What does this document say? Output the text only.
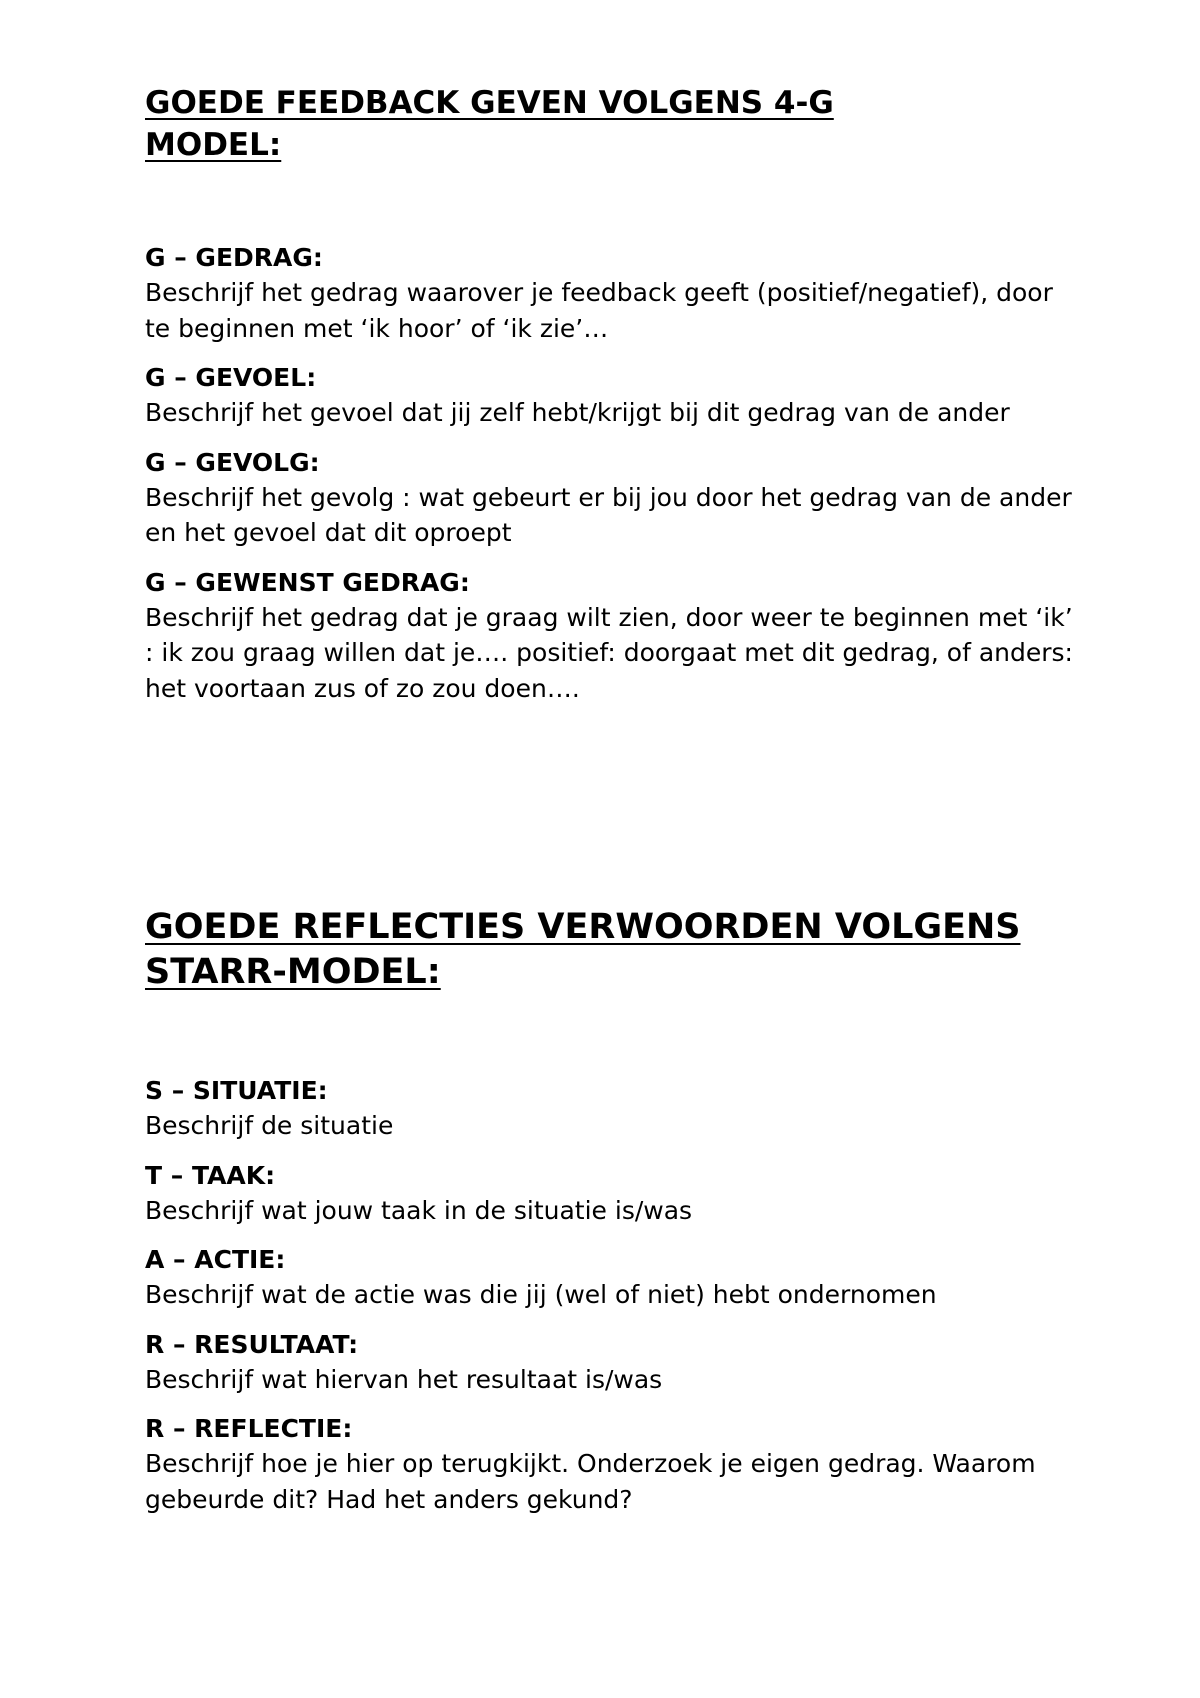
GOEDE FEEDBACK GEVEN VOLGENS 4-G
MODEL:
G – GEDRAG:
Beschrijf het gedrag waarover je feedback geeft (positief/negatief), door te beginnen met ‘ik hoor’ of ‘ik zie’…
G – GEVOEL:
Beschrijf het gevoel dat jij zelf hebt/krijgt bij dit gedrag van de ander
G – GEVOLG:
Beschrijf het gevolg : wat gebeurt er bij jou door het gedrag van de ander en het gevoel dat dit oproept
G – GEWENST GEDRAG:
Beschrijf het gedrag dat je graag wilt zien, door weer te beginnen met ‘ik’ : ik zou graag willen dat je…. positief: doorgaat met dit gedrag, of anders: het voortaan zus of zo zou doen….
GOEDE REFLECTIES VERWOORDEN VOLGENS
STARR-MODEL:
S – SITUATIE:
Beschrijf de situatie
T – TAAK:
Beschrijf wat jouw taak in de situatie is/was
A – ACTIE:
Beschrijf wat de actie was die jij (wel of niet) hebt ondernomen
R – RESULTAAT:
Beschrijf wat hiervan het resultaat is/was
R – REFLECTIE:
Beschrijf hoe je hier op terugkijkt. Onderzoek je eigen gedrag. Waarom gebeurde dit? Had het anders gekund?
